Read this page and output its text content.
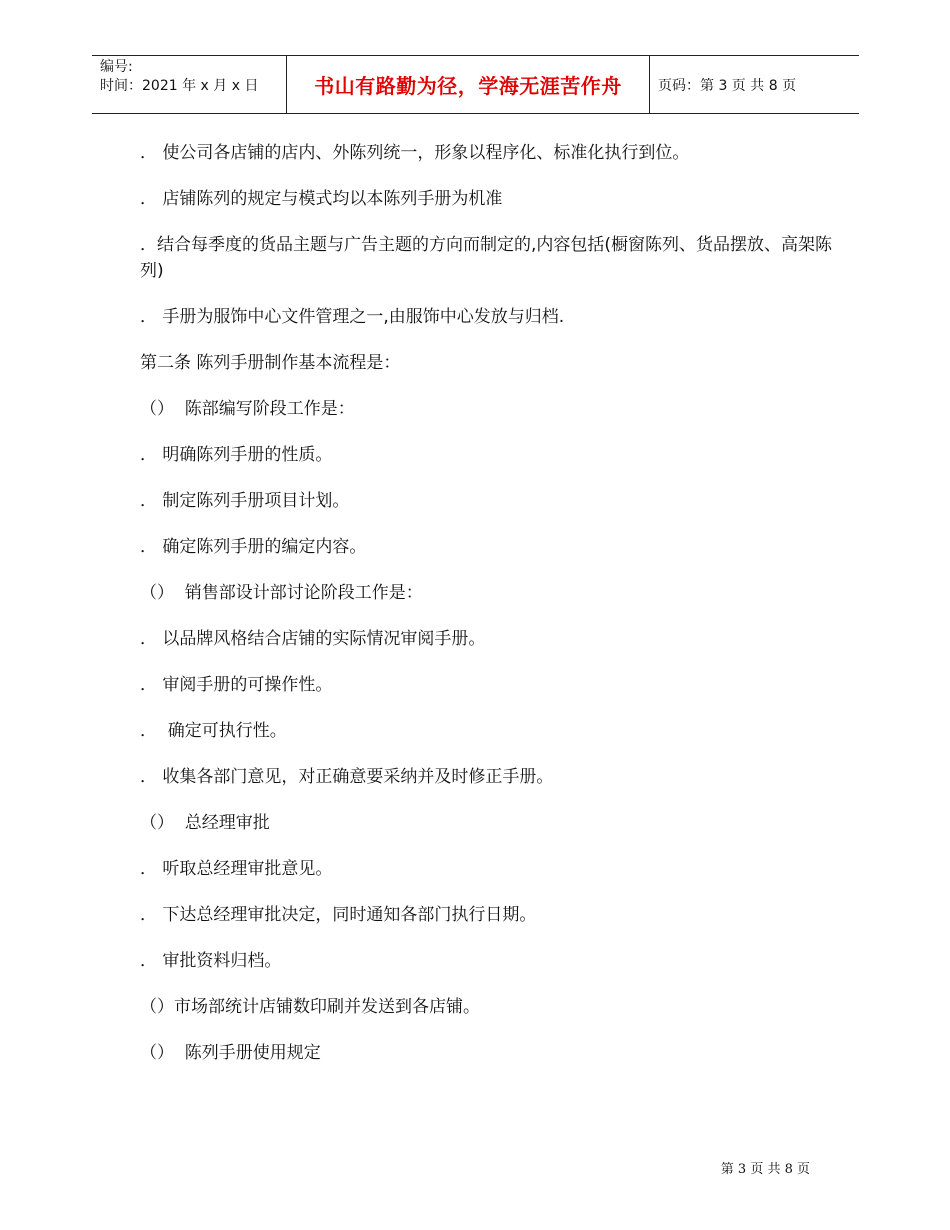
编号:
时间：2021 年 x 月 x 日	书山有路勤为径，学海无涯苦作舟	页码：第 3 页 共 8 页

． 使公司各店铺的店内、外陈列统一，形象以程序化、标准化执行到位。

． 店铺陈列的规定与模式均以本陈列手册为机准

．结合每季度的货品主题与广告主题的方向而制定的,内容包括(橱窗陈列、货品摆放、高架陈列)

． 手册为服饰中心文件管理之一,由服饰中心发放与归档.

第二条 陈列手册制作基本流程是：

（）  陈部编写阶段工作是：

． 明确陈列手册的性质。

． 制定陈列手册项目计划。

． 确定陈列手册的编定内容。

（）  销售部设计部讨论阶段工作是：

． 以品牌风格结合店铺的实际情况审阅手册。

． 审阅手册的可操作性。

．  确定可执行性。

． 收集各部门意见，对正确意要采纳并及时修正手册。

（）  总经理审批

． 听取总经理审批意见。

． 下达总经理审批决定，同时通知各部门执行日期。

． 审批资料归档。

（）市场部统计店铺数印刷并发送到各店铺。

（）  陈列手册使用规定

第 3 页 共 8 页
